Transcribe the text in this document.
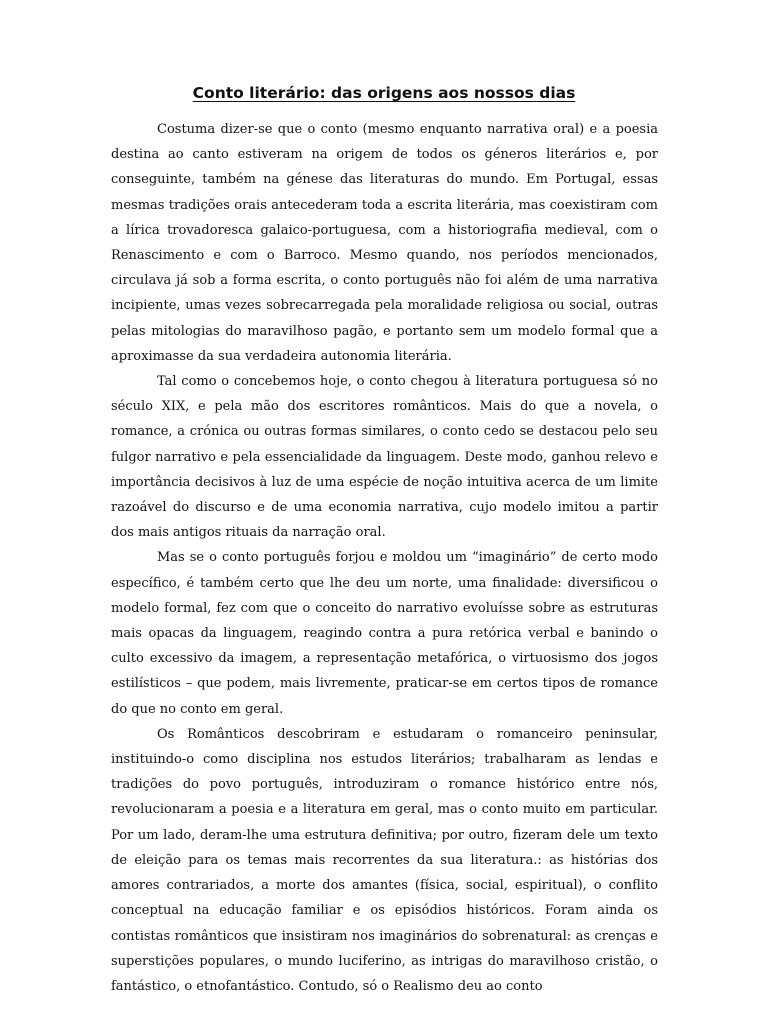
Conto literário: das origens aos nossos dias

Costuma dizer-se que o conto (mesmo enquanto narrativa oral) e a poesia destina ao canto estiveram na origem de todos os géneros literários e, por conseguinte, também na génese das literaturas do mundo. Em Portugal, essas mesmas tradições orais antecederam toda a escrita literária, mas coexistiram com a lírica trovadoresca galaico-portuguesa, com a historiografia medieval, com o Renascimento e com o Barroco. Mesmo quando, nos períodos mencionados, circulava já sob a forma escrita, o conto português não foi além de uma narrativa incipiente, umas vezes sobrecarregada pela moralidade religiosa ou social, outras pelas mitologias do maravilhoso pagão, e portanto sem um modelo formal que a aproximasse da sua verdadeira autonomia literária.

Tal como o concebemos hoje, o conto chegou à literatura portuguesa só no século XIX, e pela mão dos escritores românticos. Mais do que a novela, o romance, a crónica ou outras formas similares, o conto cedo se destacou pelo seu fulgor narrativo e pela essencialidade da linguagem. Deste modo, ganhou relevo e importância decisivos à luz de uma espécie de noção intuitiva acerca de um limite razoável do discurso e de uma economia narrativa, cujo modelo imitou a partir dos mais antigos rituais da narração oral.

Mas se o conto português forjou e moldou um “imaginário” de certo modo específico, é também certo que lhe deu um norte, uma finalidade: diversificou o modelo formal, fez com que o conceito do narrativo evoluísse sobre as estruturas mais opacas da linguagem, reagindo contra a pura retórica verbal e banindo o culto excessivo da imagem, a representação metafórica, o virtuosismo dos jogos estilísticos – que podem, mais livremente, praticar-se em certos tipos de romance do que no conto em geral.

Os Românticos descobriram e estudaram o romanceiro peninsular, instituindo-o como disciplina nos estudos literários; trabalharam as lendas e tradições do povo português, introduziram o romance histórico entre nós, revolucionaram a poesia e a literatura em geral, mas o conto muito em particular. Por um lado, deram-lhe uma estrutura definitiva; por outro, fizeram dele um texto de eleição para os temas mais recorrentes da sua literatura.: as histórias dos amores contrariados, a morte dos amantes (física, social, espiritual), o conflito conceptual na educação familiar e os episódios históricos. Foram ainda os contistas românticos que insistiram nos imaginários do sobrenatural: as crenças e superstições populares, o mundo luciferino, as intrigas do maravilhoso cristão, o fantástico, o etnofantástico. Contudo, só o Realismo deu ao conto
